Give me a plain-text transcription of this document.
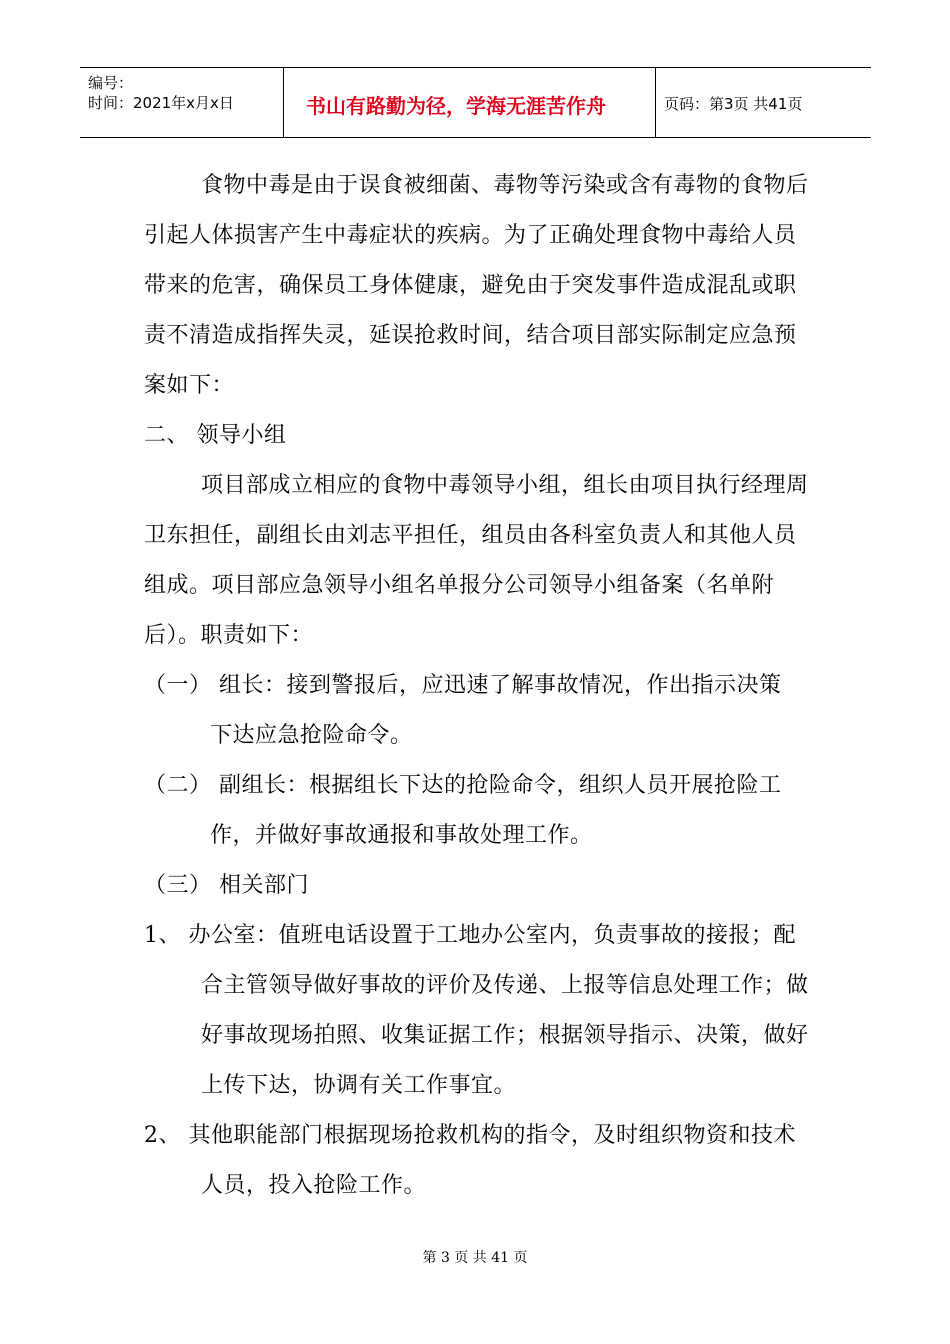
编号：
时间：2021年x月x日	书山有路勤为径，学海无涯苦作舟	页码：第3页 共41页
食物中毒是由于误食被细菌、毒物等污染或含有毒物的食物后
引起人体损害产生中毒症状的疾病。为了正确处理食物中毒给人员
带来的危害，确保员工身体健康，避免由于突发事件造成混乱或职
责不清造成指挥失灵，延误抢救时间，结合项目部实际制定应急预
案如下：
二、 领导小组
项目部成立相应的食物中毒领导小组，组长由项目执行经理周
卫东担任，副组长由刘志平担任，组员由各科室负责人和其他人员
组成。项目部应急领导小组名单报分公司领导小组备案（名单附
后）。职责如下：
（一） 组长：接到警报后，应迅速了解事故情况，作出指示决策
下达应急抢险命令。
（二） 副组长：根据组长下达的抢险命令，组织人员开展抢险工
作，并做好事故通报和事故处理工作。
（三） 相关部门
1、 办公室：值班电话设置于工地办公室内，负责事故的接报；配
合主管领导做好事故的评价及传递、上报等信息处理工作；做
好事故现场拍照、收集证据工作；根据领导指示、决策，做好
上传下达，协调有关工作事宜。
2、 其他职能部门根据现场抢救机构的指令，及时组织物资和技术
人员，投入抢险工作。
第 3 页 共 41 页
